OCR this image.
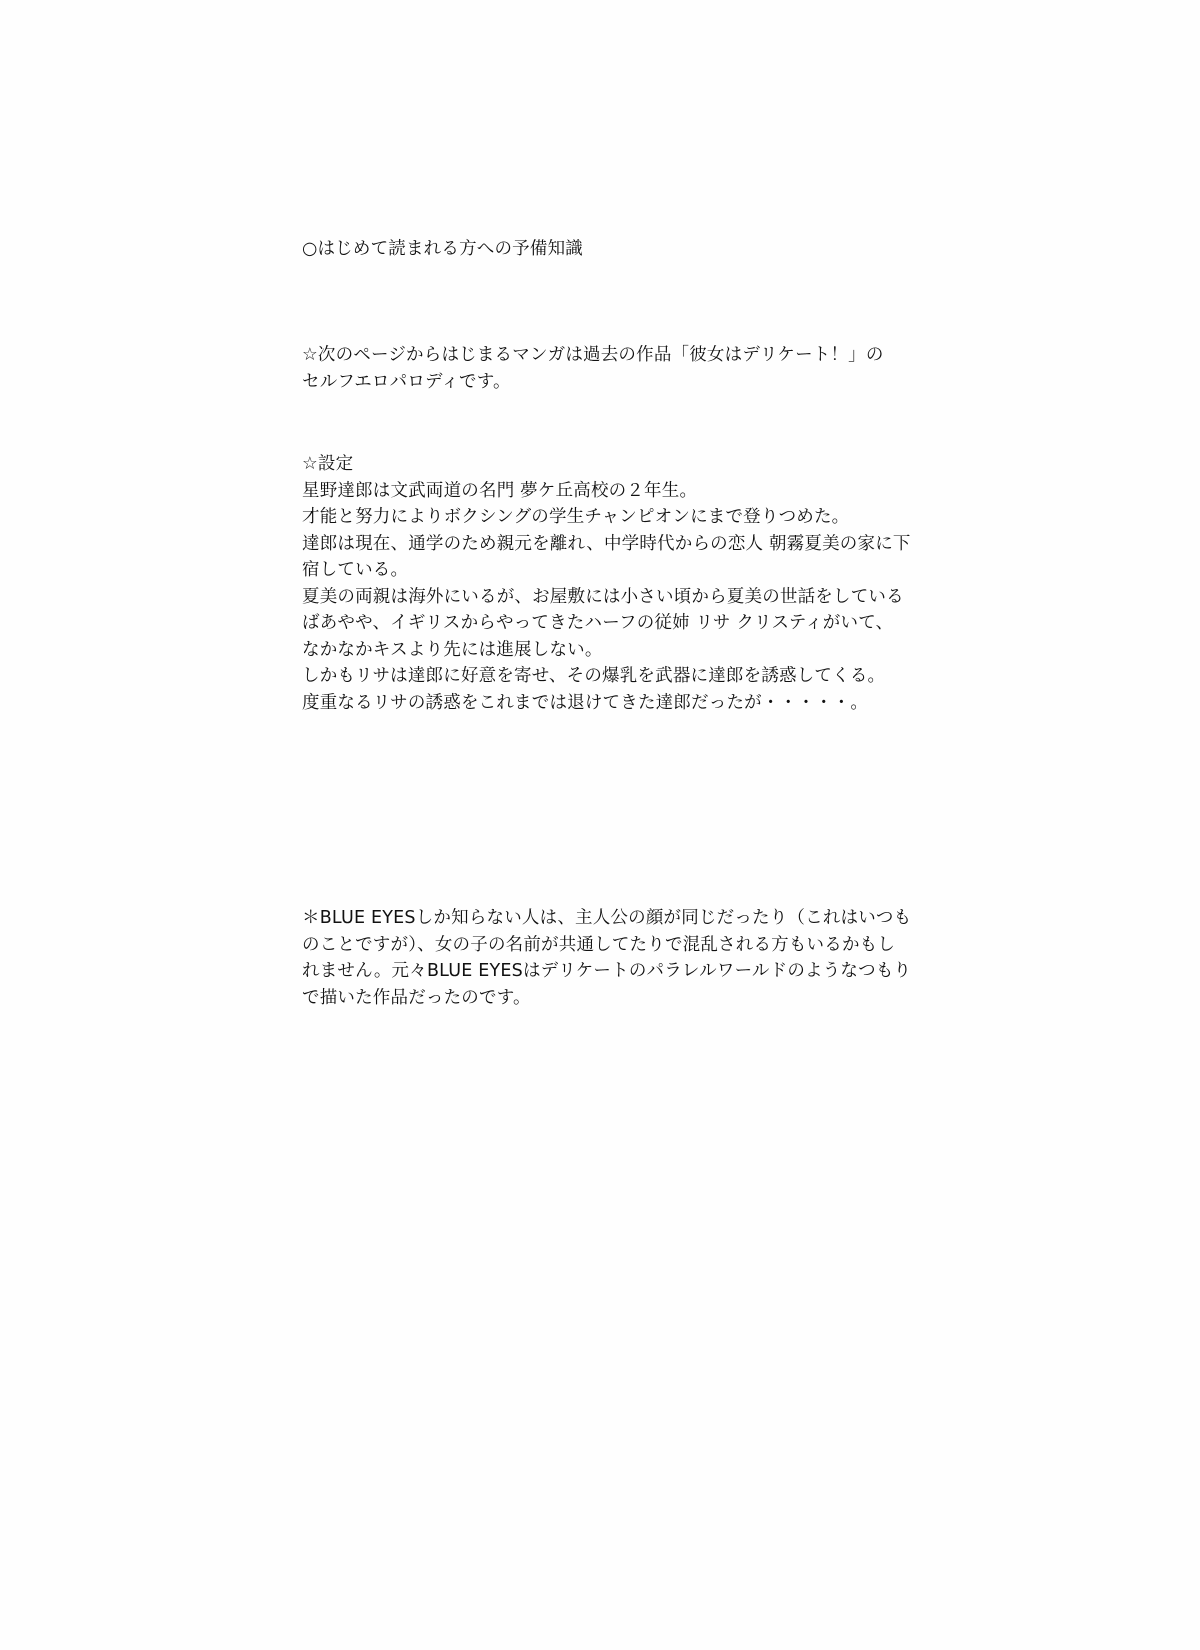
○はじめて読まれる方への予備知識
☆次のページからはじまるマンガは過去の作品「彼女はデリケート！」の
セルフエロパロディです。
☆設定
星野達郎は文武両道の名門 夢ケ丘高校の２年生。
才能と努力によりボクシングの学生チャンピオンにまで登りつめた。
達郎は現在、通学のため親元を離れ、中学時代からの恋人 朝霧夏美の家に下
宿している。
夏美の両親は海外にいるが、お屋敷には小さい頃から夏美の世話をしている
ばあやや、イギリスからやってきたハーフの従姉 リサ クリスティがいて、
なかなかキスより先には進展しない。
しかもリサは達郎に好意を寄せ、その爆乳を武器に達郎を誘惑してくる。
度重なるリサの誘惑をこれまでは退けてきた達郎だったが・・・・・。
＊BLUE EYESしか知らない人は、主人公の顔が同じだったり（これはいつも
のことですが）、女の子の名前が共通してたりで混乱される方もいるかもし
れません。元々BLUE EYESはデリケートのパラレルワールドのようなつもり
で描いた作品だったのです。
